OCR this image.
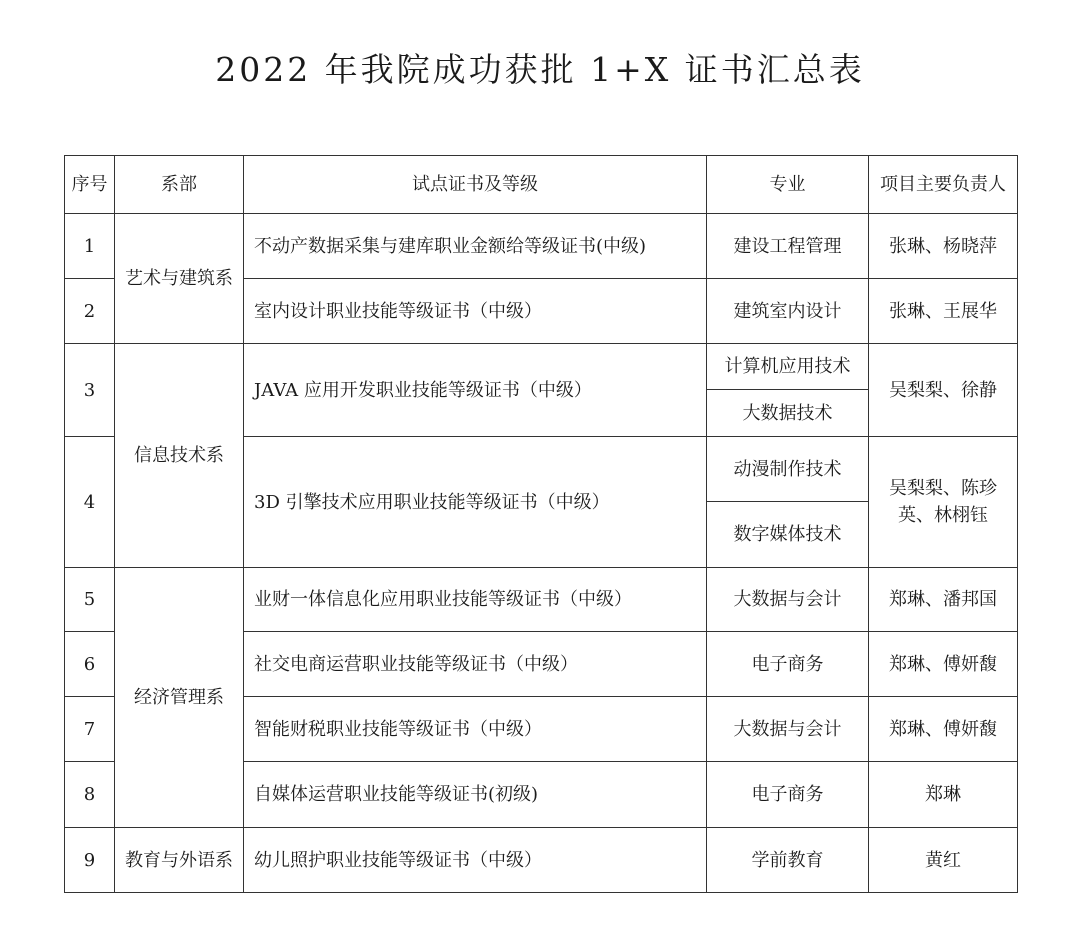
2022 年我院成功获批 1+X 证书汇总表
序号	系部	试点证书及等级	专业	项目主要负责人
1	艺术与建筑系	不动产数据采集与建库职业金额给等级证书(中级)	建设工程管理	张琳、杨晓萍
2		室内设计职业技能等级证书（中级）	建筑室内设计	张琳、王展华
3	信息技术系	JAVA 应用开发职业技能等级证书（中级）	计算机应用技术	吴梨梨、徐静
			大数据技术	
4		3D 引擎技术应用职业技能等级证书（中级）	动漫制作技术	吴梨梨、陈珍英、林栩钰
			数字媒体技术	
5	经济管理系	业财一体信息化应用职业技能等级证书（中级）	大数据与会计	郑琳、潘邦国
6		社交电商运营职业技能等级证书（中级）	电子商务	郑琳、傅妍馥
7		智能财税职业技能等级证书（中级）	大数据与会计	郑琳、傅妍馥
8		自媒体运营职业技能等级证书(初级)	电子商务	郑琳
9	教育与外语系	幼儿照护职业技能等级证书（中级）	学前教育	黄红
